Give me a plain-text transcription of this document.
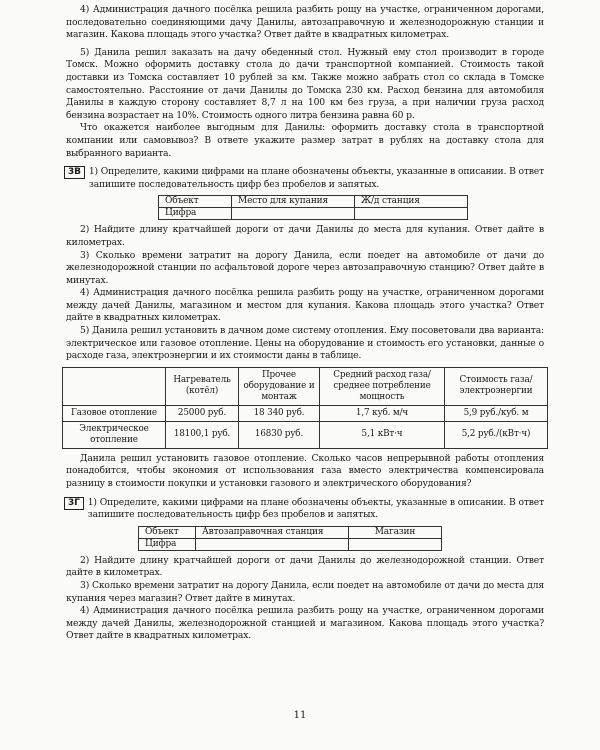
4) Администрация дачного посёлка решила разбить рощу на участке, ограниченном дорогами, последовательно соединяющими дачу Данилы, автозаправочную и железнодорожную станции и магазин. Какова площадь этого участка? Ответ дайте в квадратных километрах.

5) Данила решил заказать на дачу обеденный стол. Нужный ему стол производит в городе Томск. Можно оформить доставку стола до дачи транспортной компанией. Стоимость такой доставки из Томска составляет 10 рублей за км. Также можно забрать стол со склада в Томске самостоятельно. Расстояние от дачи Данилы до Томска 230 км. Расход бензина для автомобиля Данилы в каждую сторону составляет 8,7 л на 100 км без груза, а при наличии груза расход бензина возрастает на 10%. Стоимость одного литра бензина равна 60 р.

Что окажется наиболее выгодным для Данилы: оформить доставку стола в транспортной компании или самовывоз? В ответе укажите размер затрат в рублях на доставку стола для выбранного варианта.

3В 1) Определите, какими цифрами на плане обозначены объекты, указанные в описании. В ответ запишите последовательность цифр без пробелов и запятых.
Объект	Место для купания	Ж/д станция
Цифра		

2) Найдите длину кратчайшей дороги от дачи Данилы до места для купания. Ответ дайте в километрах.

3) Сколько времени затратит на дорогу Данила, если поедет на автомобиле от дачи до железнодорожной станции по асфальтовой дороге через автозаправочную станцию? Ответ дайте в минутах.

4) Администрация дачного посёлка решила разбить рощу на участке, ограниченном дорогами между дачей Данилы, магазином и местом для купания. Какова площадь этого участка? Ответ дайте в квадратных километрах.

5) Данила решил установить в дачном доме систему отопления. Ему посоветовали два варианта: электрическое или газовое отопление. Цены на оборудование и стоимость его установки, данные о расходе газа, электроэнергии и их стоимости даны в таблице.

	Нагреватель (котёл)	Прочее оборудование и монтаж	Средний расход газа/ среднее потребление мощность	Стоимость газа/ электроэнергии
Газовое отопление	25000 руб.	18 340 руб.	1,7 куб. м/ч	5,9 руб./куб. м
Электрическое отопление	18100,1 руб.	16830 руб.	5,1 кВт·ч	5,2 руб./(кВт·ч)

Данила решил установить газовое отопление. Сколько часов непрерывной работы отопления понадобится, чтобы экономия от использования газа вместо электричества компенсировала разницу в стоимости покупки и установки газового и электрического оборудования?

3Г 1) Определите, какими цифрами на плане обозначены объекты, указанные в описании. В ответ запишите последовательность цифр без пробелов и запятых.
Объект	Автозаправочная станция	Магазин
Цифра		

2) Найдите длину кратчайшей дороги от дачи Данилы до железнодорожной станции. Ответ дайте в километрах.

3) Сколько времени затратит на дорогу Данила, если поедет на автомобиле от дачи до места для купания через магазин? Ответ дайте в минутах.

4) Администрация дачного посёлка решила разбить рощу на участке, ограниченном дорогами между дачей Данилы, железнодорожной станцией и магазином. Какова площадь этого участка? Ответ дайте в квадратных километрах.

11
